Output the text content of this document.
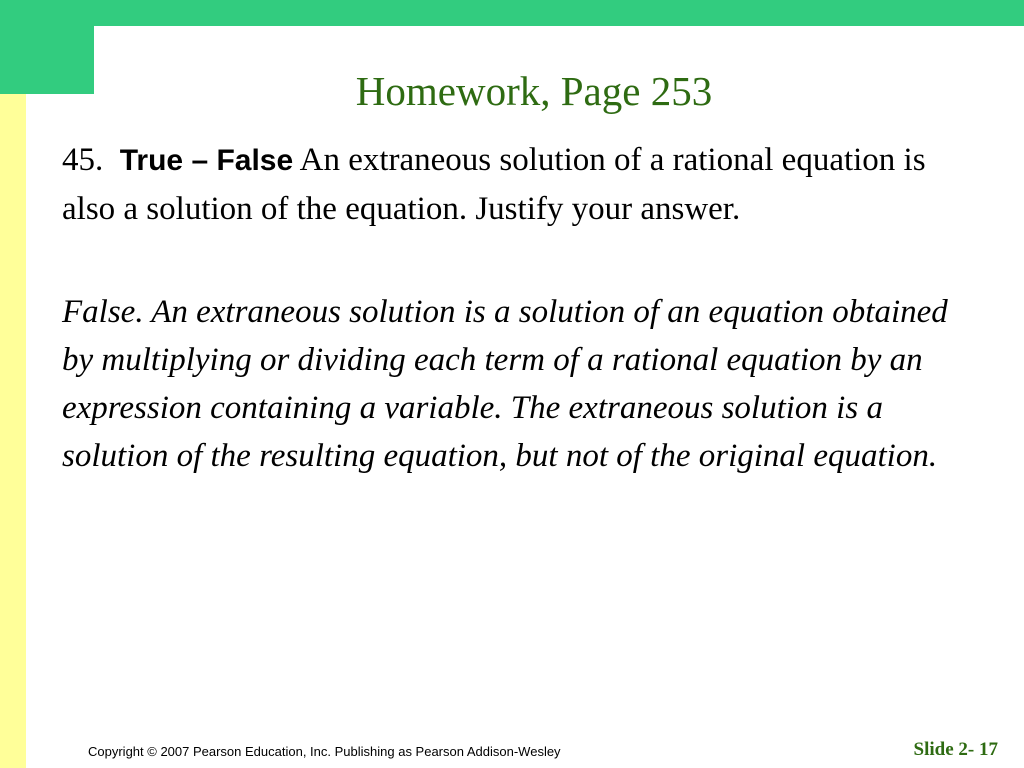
Homework, Page 253

45. True – False An extraneous solution of a rational equation is also a solution of the equation. Justify your answer.

False. An extraneous solution is a solution of an equation obtained by multiplying or dividing each term of a rational equation by an expression containing a variable. The extraneous solution is a solution of the resulting equation, but not of the original equation.

Copyright © 2007 Pearson Education, Inc. Publishing as Pearson Addison-Wesley	Slide 2- 17
